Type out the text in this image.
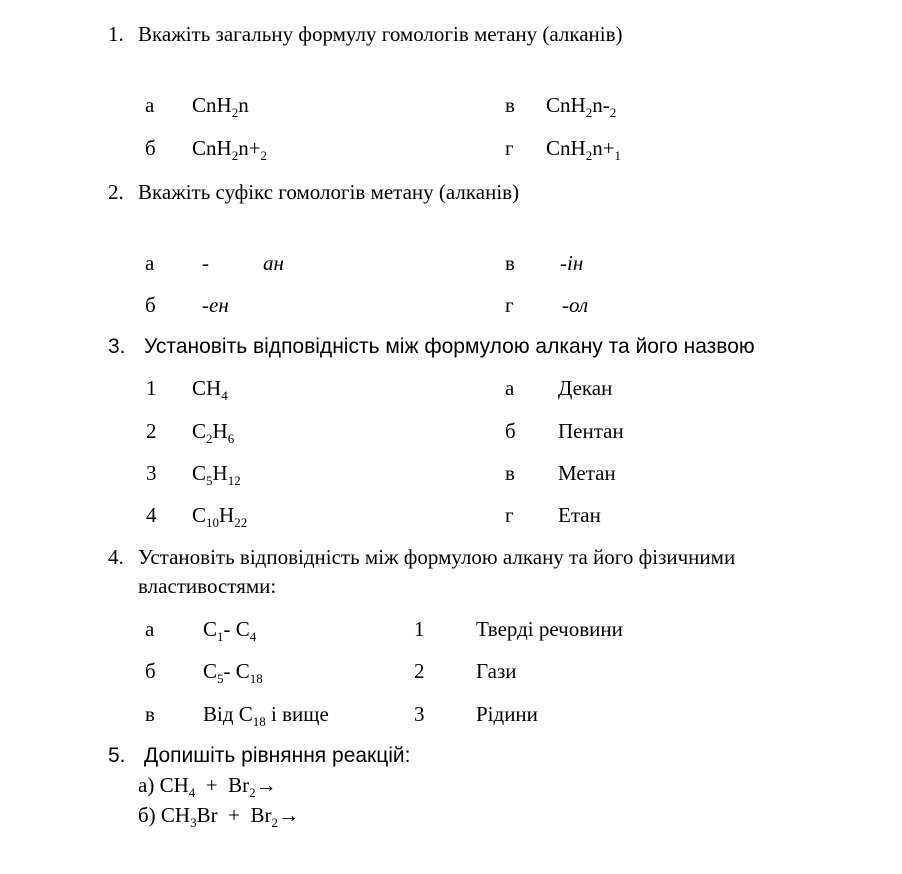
1. Вкажіть загальну формулу гомологів метану (алканів)
а CnH$_2$n	в $CnH_2n-_2$
б $CnH_2n+_2$	г $CnH_2n+_1$
2. Вкажіть суфікс гомологів метану (алканів)
а -	ан	в -ін
б -ен	г -ол
3. Установіть відповідність між формулою алкану та його назвою
1 $CH_4$	а Декан
2 $C_2H_6$	б Пентан
3 $C_5H_{12}$	в Метан
4 $C_{10}H_{22}$	г Етан
4. Установіть відповідність між формулою алкану та його фізичними
властивостями:
а $C_1-$ $C_4$	1 Тверді речовини
б $C_5-$ $C_{18}$	2 Гази
в Від $C_{18}$ і вище	3 Рідини
5. Допишіть рівняння реакцій:
а) $CH_4 + Br_2\to$
б) $CH_3Br + Br_2\to$
